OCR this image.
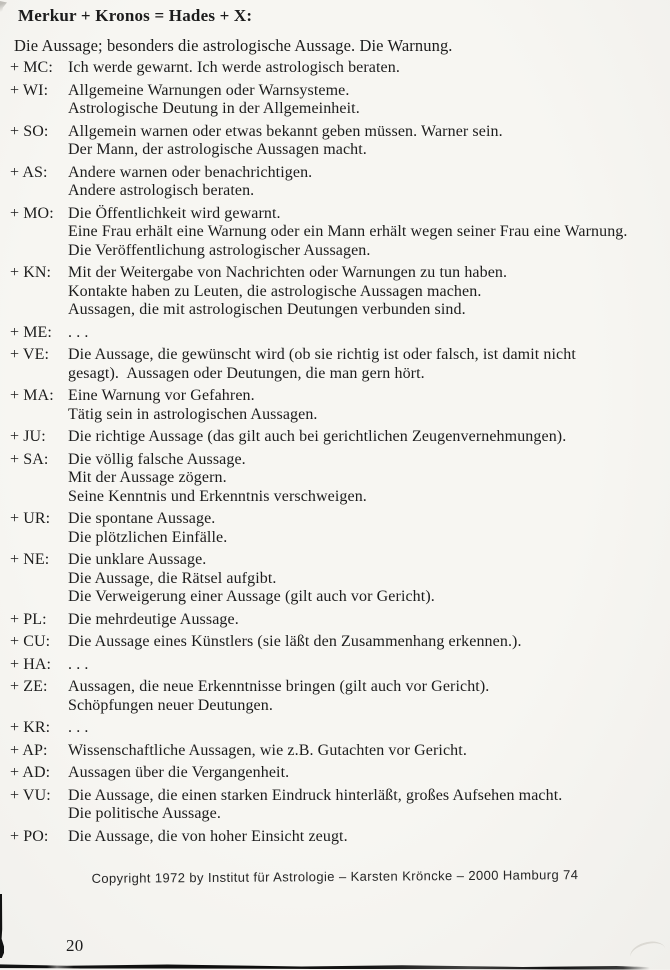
Merkur + Kronos = Hades + X:
Die Aussage; besonders die astrologische Aussage. Die Warnung.
+ MC: Ich werde gewarnt. Ich werde astrologisch beraten.
+ WI:	Allgemeine Warnungen oder Warnsysteme.
Astrologische Deutung in der Allgemeinheit.
+ SO:	Allgemein warnen oder etwas bekannt geben müssen. Warner sein.
Der Mann, der astrologische Aussagen macht.
+ AS:	Andere warnen oder benachrichtigen.
Andere astrologisch beraten.
+ MO: Die Öffentlichkeit wird gewarnt.
Eine Frau erhält eine Warnung oder ein Mann erhält wegen seiner Frau eine Warnung.
Die Veröffentlichung astrologischer Aussagen.
+ KN:	Mit der Weitergabe von Nachrichten oder Warnungen zu tun haben.
Kontakte haben zu Leuten, die astrologische Aussagen machen.
Aussagen, die mit astrologischen Deutungen verbunden sind.
+ ME:	. . .
+ VE:	Die Aussage, die gewünscht wird (ob sie richtig ist oder falsch, ist damit nicht
gesagt).  Aussagen oder Deutungen, die man gern hört.
+ MA: Eine Warnung vor Gefahren.
Tätig sein in astrologischen Aussagen.
+ JU:	Die richtige Aussage (das gilt auch bei gerichtlichen Zeugenvernehmungen).
+ SA:	Die völlig falsche Aussage.
Mit der Aussage zögern.
Seine Kenntnis und Erkenntnis verschweigen.
+ UR:	Die spontane Aussage.
Die plötzlichen Einfälle.
+ NE:	Die unklare Aussage.
Die Aussage, die Rätsel aufgibt.
Die Verweigerung einer Aussage (gilt auch vor Gericht).
+ PL:	Die mehrdeutige Aussage.
+ CU:	Die Aussage eines Künstlers (sie läßt den Zusammenhang erkennen.).
+ HA:	. . .
+ ZE:	Aussagen, die neue Erkenntnisse bringen (gilt auch vor Gericht).
Schöpfungen neuer Deutungen.
+ KR:	. . .
+ AP:	Wissenschaftliche Aussagen, wie z.B. Gutachten vor Gericht.
+ AD:	Aussagen über die Vergangenheit.
+ VU:	Die Aussage, die einen starken Eindruck hinterläßt, großes Aufsehen macht.
Die politische Aussage.
+ PO:	Die Aussage, die von hoher Einsicht zeugt.
Copyright 1972 by Institut für Astrologie – Karsten Kröncke – 2000 Hamburg 74
20
